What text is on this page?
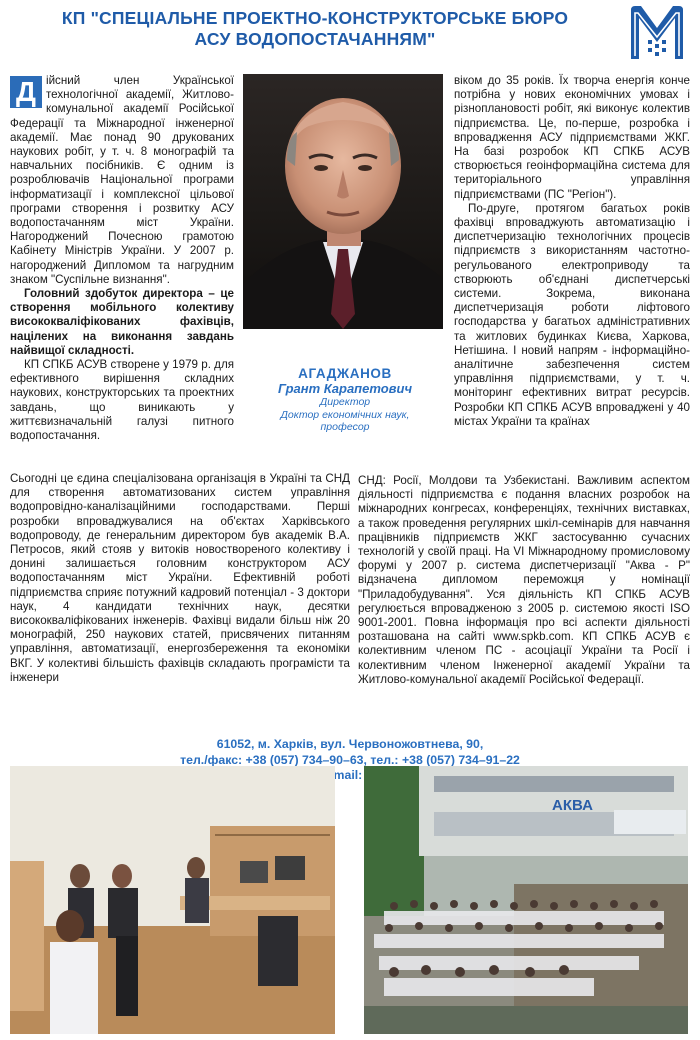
КП "СПЕЦІАЛЬНЕ ПРОЕКТНО-КОНСТРУКТОРСЬКЕ БЮРО
АСУ ВОДОПОСТАЧАННЯМ"

Д ійсний член Української технологічної академії, Житлово-комунальної академії Російської Федерації та Міжнародної інженерної академії. Має понад 90 друкованих наукових робіт, у т. ч. 8 монографій та навчальних посібників. Є одним із розроблювачів Національної програми інформатизації і комплексної цільової програми створення і розвитку АСУ водопостачанням міст України. Нагороджений Почесною грамотою Кабінету Міністрів України. У 2007 р. нагороджений Дипломом та нагрудним знаком "Суспільне визнання".

Головний здобуток директора – це створення мобільного колективу висококваліфікованих фахівців, націлених на виконання завдань найвищої складності.

КП СПКБ АСУВ створене у 1979 р. для ефективного вирішення складних наукових, конструкторських та проектних завдань, що виникають у життєвизначальній галузі питного водопостачання.

АГАДЖАНОВ
Грант Карапетович
Директор
Доктор економічних наук,
професор

віком до 35 років. Їх творча енергія конче потрібна у нових економічних умовах і різноплановості робіт, які виконує колектив підприємства. Це, по-перше, розробка і впровадження АСУ підприємствами ЖКГ. На базі розробок КП СПКБ АСУВ створюється геоінформаційна система для територіального управління підприємствами (ПС "Регіон").

По-друге, протягом багатьох років фахівці впроваджують автоматизацію і диспетчеризацію технологічних процесів підприємств з використанням частотно-регульованого електроприводу та створюють об'єднані диспетчерські системи. Зокрема, виконана диспетчеризація роботи ліфтового господарства у багатьох адміністративних та житлових будинках Києва, Харкова, Нетішина. І новий напрям - інформаційно-аналітичне забезпечення систем управління підприємствами, у т. ч. моніторинг ефективних витрат ресурсів. Розробки КП СПКБ АСУВ впроваджені у 40 містах України та країнах

Сьогодні це єдина спеціалізована організація в Україні та СНД для створення автоматизованих систем управління водопровідно-каналізаційними господарствами. Перші розробки впроваджувалися на об'єктах Харківського водопроводу, де генеральним директором був академік В.А. Петросов, який стояв у витоків новоствореного колективу і донині залишається головним конструктором АСУ водопостачанням міст України. Ефективній роботі підприємства сприяє потужний кадровий потенціал - 3 доктори наук, 4 кандидати технічних наук, десятки висококваліфікованих інженерів. Фахівці видали більш ніж 20 монографій, 250 наукових статей, присвячених питанням управління, автоматизації, енергозбереження та економіки ВКГ. У колективі більшість фахівців складають програмісти та інженери

СНД: Росії, Молдови та Узбекистані. Важливим аспектом діяльності підприємства є подання власних розробок на міжнародних конгресах, конференціях, технічних виставках, а також проведення регулярних шкіл-семінарів для навчання працівників підприємств ЖКГ застосуванню сучасних технологій у своїй праці. На VI Міжнародному промисловому форумі у 2007 р. система диспетчеризації "Аква - Р" відзначена дипломом переможця у номінації "Приладобудування". Уся діяльність КП СПКБ АСУВ регулюється впровадженою з 2005 р. системою якості ISO 9001-2001. Повна інформація про всі аспекти діяльності розташована на сайті www.spkb.com. КП СПКБ АСУВ є колективним членом ПС - асоціації України та Росії і колективним членом Інженерної академії України та Житлово-комунальної академії Російської Федерації.

61052, м. Харків, вул. Червоножовтнева, 90,
тел./факс: +38 (057) 734–90–63, тел.: +38 (057) 734–91–22
E–mail:
АКВА
